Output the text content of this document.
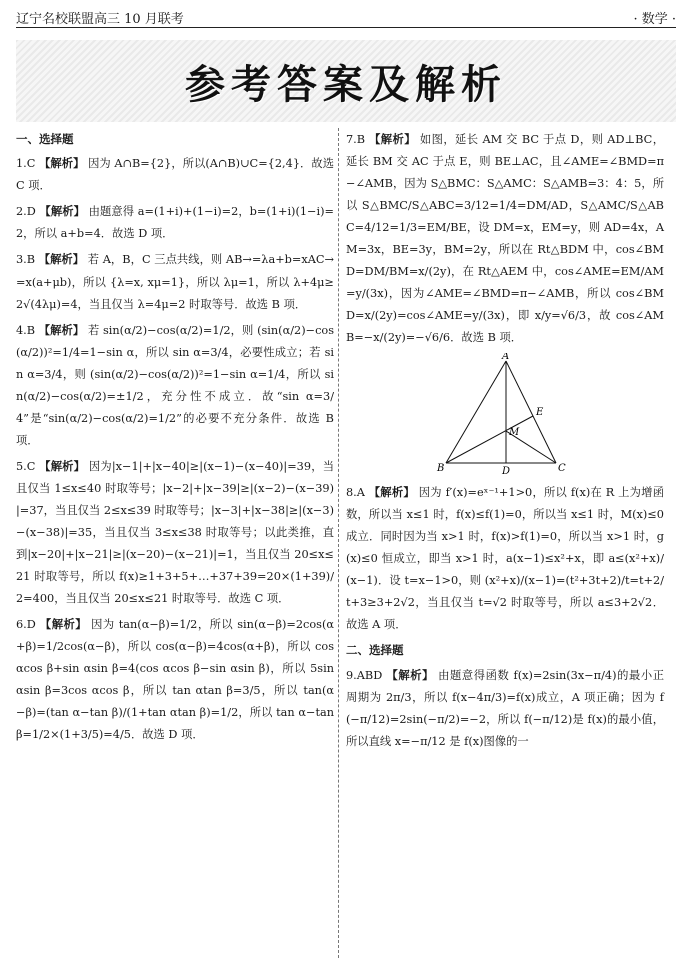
辽宁名校联盟高三 10 月联考	· 数学 ·
参考答案及解析
一、选择题
1.C 【解析】 因为 A∩B={2}，所以(A∩B)∪C={2,4}．故选 C 项．
2.D 【解析】 由题意得 a=(1+i)+(1−i)=2，b=(1+i)(1−i)=2，所以 a+b=4．故选 D 项．
3.B 【解析】 若 A，B，C 三点共线，则 AB→=λa+b=xAC→=x(a+μb)，所以 {λ=x, xμ=1}，所以 λμ=1，所以 λ+4μ≥2√(4λμ)=4，当且仅当 λ=4μ=2 时取等号．故选 B 项．
4.B 【解析】 若 sin(α/2)−cos(α/2)=1/2，则 (sin(α/2)−cos(α/2))²=1/4=1−sin α，所以 sin α=3/4，必要性成立；若 sin α=3/4，则 (sin(α/2)−cos(α/2))²=1−sin α=1/4，所以 sin(α/2)−cos(α/2)=±1/2，充分性不成立．故“sin α=3/4”是“sin(α/2)−cos(α/2)=1/2”的必要不充分条件．故选 B 项．
5.C 【解析】 因为|x−1|+|x−40|≥|(x−1)−(x−40)|=39，当且仅当 1≤x≤40 时取等号；|x−2|+|x−39|≥|(x−2)−(x−39)|=37，当且仅当 2≤x≤39 时取等号；|x−3|+|x−38|≥|(x−3)−(x−38)|=35，当且仅当 3≤x≤38 时取等号；以此类推，直到|x−20|+|x−21|≥|(x−20)−(x−21)|=1，当且仅当 20≤x≤21 时取等号，所以 f(x)≥1+3+5+…+37+39=20×(1+39)/2=400，当且仅当 20≤x≤21 时取等号．故选 C 项．
6.D 【解析】 因为 tan(α−β)=1/2，所以 sin(α−β)=2cos(α+β)=1/2cos(α−β)，所以 cos(α−β)=4cos(α+β)，所以 cos αcos β+sin αsin β=4(cos αcos β−sin αsin β)，所以 5sin αsin β=3cos αcos β，所以 tan αtan β=3/5，所以 tan(α−β)=(tan α−tan β)/(1+tan αtan β)=1/2，所以 tan α−tan β=1/2×(1+3/5)=4/5．故选 D 项．
7.B 【解析】 如图，延长 AM 交 BC 于点 D，则 AD⊥BC，延长 BM 交 AC 于点 E，则 BE⊥AC，且∠AME=∠BMD=π−∠AMB，因为 S△BMC：S△AMC：S△AMB=3：4：5，所以 S△BMC/S△ABC=3/12=1/4=DM/AD，S△AMC/S△ABC=4/12=1/3=EM/BE，设 DM=x，EM=y，则 AD=4x，AM=3x，BE=3y，BM=2y，所以在 Rt△BDM 中，cos∠BMD=DM/BM=x/(2y)，在 Rt△AEM 中，cos∠AME=EM/AM=y/(3x)，因为∠AME=∠BMD=π−∠AMB，所以 cos∠BMD=x/(2y)=cos∠AME=y/(3x)，即 x/y=√6/3，故 cos∠AMB=−x/(2y)=−√6/6．故选 B 项．
A
B	C
D
E
M
8.A 【解析】 因为 f′(x)=eˣ⁻¹+1>0，所以 f(x)在 R 上为增函数，所以当 x≤1 时，f(x)≤f(1)=0，所以当 x≤1 时，M(x)≤0 成立．同时因为当 x>1 时，f(x)>f(1)=0，所以当 x>1 时，g(x)≤0 恒成立，即当 x>1 时，a(x−1)≤x²+x，即 a≤(x²+x)/(x−1)．设 t=x−1>0，则 (x²+x)/(x−1)=(t²+3t+2)/t=t+2/t+3≥3+2√2，当且仅当 t=√2 时取等号，所以 a≤3+2√2．故选 A 项．
二、选择题
9.ABD 【解析】 由题意得函数 f(x)=2sin(3x−π/4)的最小正周期为 2π/3，所以 f(x−4π/3)=f(x)成立，A 项正确；因为 f(−π/12)=2sin(−π/2)=−2，所以 f(−π/12)是 f(x)的最小值，所以直线 x=−π/12 是 f(x)图像的一
